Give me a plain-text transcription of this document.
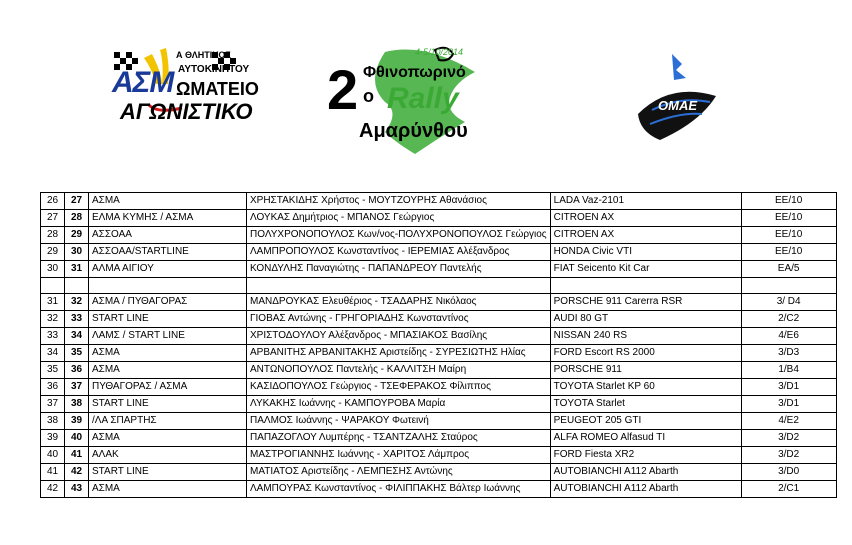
ΑΣΜ
Α ΘΛΗΤΙΚΟΣ
ΑΥΤΟΚΙΝΗΤΟΥ
ΩΜΑΤΕΙΟ
ΑΓΩΝΙΣΤΙΚΟ
4-5/10/2014
2 Φθινοπωρινό
ο Rally
Αμαρύνθου
ΟΜΑΕ
26	27	ΑΣΜΑ	ΧΡΗΣΤΑΚΙΔΗΣ Χρήστος - ΜΟΥΤΖΟΥΡΗΣ Αθανάσιος	LADA Vaz-2101	ΕΕ/10
27	28	ΕΛΜΑ ΚΥΜΗΣ / ΑΣΜΑ	ΛΟΥΚΑΣ Δημήτριος - ΜΠΑΝΟΣ Γεώργιος	CITROEN AX	ΕΕ/10
28	29	ΑΣΣΟΑΑ	ΠΟΛΥΧΡΟΝΟΠΟΥΛΟΣ Κων/νος-ΠΟΛΥΧΡΟΝΟΠΟΥΛΟΣ Γεώργιος	CITROEN AX	ΕΕ/10
29	30	ΑΣΣΟΑΑ/STARTLINE	ΛΑΜΠΡΟΠΟΥΛΟΣ Κωνσταντίνος - ΙΕΡΕΜΙΑΣ Αλέξανδρος	HONDA Civic VTI	ΕΕ/10
30	31	ΑΛΜΑ ΑΙΓΙΟΥ	ΚΟΝΔΥΛΗΣ Παναγιώτης - ΠΑΠΑΝΔΡΕΟΥ Παντελής	FIAT Seicento Kit Car	ΕΑ/5

31	32	ΑΣΜΑ / ΠΥΘΑΓΟΡΑΣ	ΜΑΝΔΡΟΥΚΑΣ Ελευθέριος - ΤΣΑΔΑΡΗΣ Νικόλαος	PORSCHE 911 Carerra RSR	3/ D4
32	33	START LINE	ΓΙΟΒΑΣ Αντώνης - ΓΡΗΓΟΡΙΑΔΗΣ Κωνσταντίνος	AUDI 80 GT	2/C2
33	34	ΛΑΜΣ / START LINE	ΧΡΙΣΤΟΔΟΥΛΟΥ Αλέξανδρος - ΜΠΑΣΙΑΚΟΣ Βασίλης	NISSAN 240 RS	4/E6
34	35	ΑΣΜΑ	ΑΡΒΑΝΙΤΗΣ ΑΡΒΑΝΙΤΑΚΗΣ Αριστείδης - ΣΥΡΕΣΙΩΤΗΣ Ηλίας	FORD Escort RS 2000	3/D3
35	36	ΑΣΜΑ	ΑΝΤΩΝΟΠΟΥΛΟΣ Παντελής - ΚΑΛΛΙΤΣΗ Μαίρη	PORSCHE 911	1/B4
36	37	ΠΥΘΑΓΟΡΑΣ / ΑΣΜΑ	ΚΑΣΙΔΟΠΟΥΛΟΣ Γεώργιος - ΤΣΕΦΕΡΑΚΟΣ Φίλιππος	TOYOTA Starlet KP 60	3/D1
37	38	START LINE	ΛΥΚΑΚΗΣ Ιωάννης - ΚΑΜΠΟΥΡΟΒΑ Μαρία	TOYOTA Starlet	3/D1
38	39	/ΛΑ ΣΠΑΡΤΗΣ	ΠΑΛΜΟΣ Ιωάννης - ΨΑΡΑΚΟΥ Φωτεινή	PEUGEOT 205 GTI	4/E2
39	40	ΑΣΜΑ	ΠΑΠΑΖΟΓΛΟΥ Λυμπέρης - ΤΣΑΝΤΖΑΛΗΣ Σταύρος	ALFA ROMEO Alfasud TI	3/D2
40	41	ΑΛΑΚ	ΜΑΣΤΡΟΓΙΑΝΝΗΣ Ιωάννης - ΧΑΡΙΤΟΣ Λάμπρος	FORD Fiesta XR2	3/D2
41	42	START LINE	ΜΑΤΙΑΤΟΣ Αριστείδης - ΛΕΜΠΕΣΗΣ Αντώνης	AUTOBIANCHI A112 Abarth	3/D0
42	43	ΑΣΜΑ	ΛΑΜΠΟΥΡΑΣ Κωνσταντίνος - ΦΙΛΙΠΠΑΚΗΣ Βάλτερ Ιωάννης	AUTOBIANCHI A112 Abarth	2/C1
